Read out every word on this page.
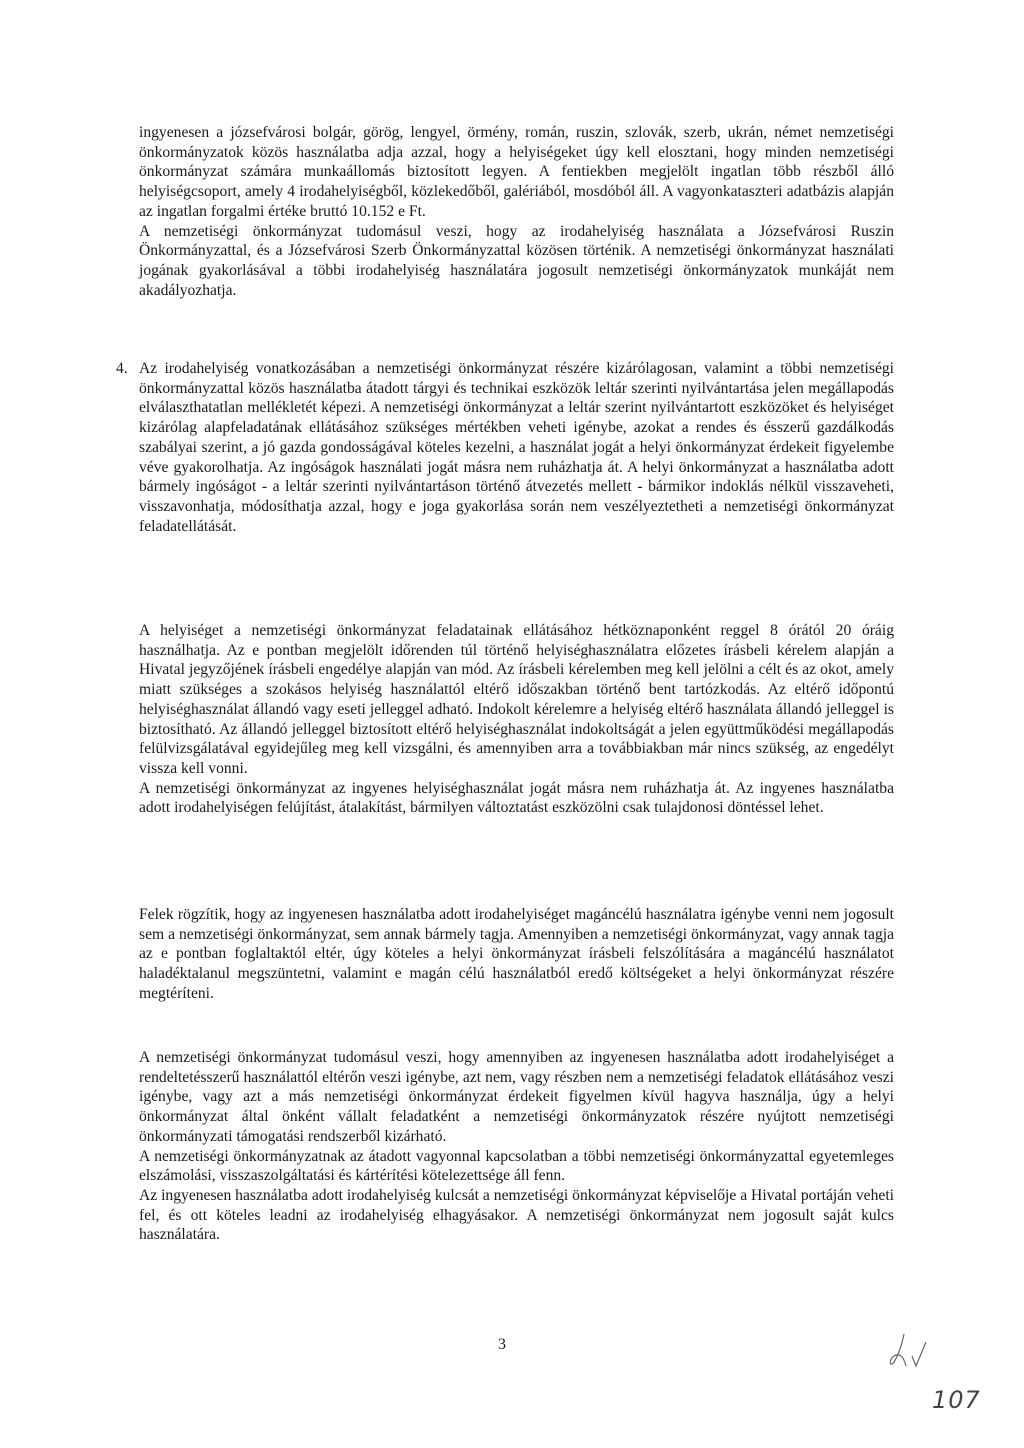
ingyenesen a józsefvárosi bolgár, görög, lengyel, örmény, román, ruszin, szlovák, szerb, ukrán, német nemzetiségi önkormányzatok közös használatba adja azzal, hogy a helyiségeket úgy kell elosztani, hogy minden nemzetiségi önkormányzat számára munkaállomás biztosított legyen. A fentiekben megjelölt ingatlan több részből álló helyiségcsoport, amely 4 irodahelyiségből, közlekedőből, galériából, mosdóból áll. A vagyonkataszteri adatbázis alapján az ingatlan forgalmi értéke bruttó 10.152 e Ft.

A nemzetiségi önkormányzat tudomásul veszi, hogy az irodahelyiség használata a Józsefvárosi Ruszin Önkormányzattal, és a Józsefvárosi Szerb Önkormányzattal közösen történik. A nemzetiségi önkormányzat használati jogának gyakorlásával a többi irodahelyiség használatára jogosult nemzetiségi önkormányzatok munkáját nem akadályozhatja.

4. Az irodahelyiség vonatkozásában a nemzetiségi önkormányzat részére kizárólagosan, valamint a többi nemzetiségi önkormányzattal közös használatba átadott tárgyi és technikai eszközök leltár szerinti nyilvántartása jelen megállapodás elválaszthatatlan mellékletét képezi. A nemzetiségi önkormányzat a leltár szerint nyilvántartott eszközöket és helyiséget kizárólag alapfeladatának ellátásához szükséges mértékben veheti igénybe, azokat a rendes és ésszerű gazdálkodás szabályai szerint, a jó gazda gondosságával köteles kezelni, a használat jogát a helyi önkormányzat érdekeit figyelembe véve gyakorolhatja. Az ingóságok használati jogát másra nem ruházhatja át. A helyi önkormányzat a használatba adott bármely ingóságot - a leltár szerinti nyilvántartáson történő átvezetés mellett - bármikor indoklás nélkül visszaveheti, visszavonhatja, módosíthatja azzal, hogy e joga gyakorlása során nem veszélyeztetheti a nemzetiségi önkormányzat feladatellátását.

A helyiséget a nemzetiségi önkormányzat feladatainak ellátásához hétköznaponként reggel 8 órától 20 óráig használhatja. Az e pontban megjelölt időrenden túl történő helyiséghasználatra előzetes írásbeli kérelem alapján a Hivatal jegyzőjének írásbeli engedélye alapján van mód. Az írásbeli kérelemben meg kell jelölni a célt és az okot, amely miatt szükséges a szokásos helyiség használattól eltérő időszakban történő bent tartózkodás. Az eltérő időpontú helyiséghasználat állandó vagy eseti jelleggel adható. Indokolt kérelemre a helyiség eltérő használata állandó jelleggel is biztosítható. Az állandó jelleggel biztosított eltérő helyiséghasználat indokoltságát a jelen együttműködési megállapodás felülvizsgálatával egyidejűleg meg kell vizsgálni, és amennyiben arra a továbbiakban már nincs szükség, az engedélyt vissza kell vonni.

A nemzetiségi önkormányzat az ingyenes helyiséghasználat jogát másra nem ruházhatja át. Az ingyenes használatba adott irodahelyiségen felújítást, átalakítást, bármilyen változtatást eszközölni csak tulajdonosi döntéssel lehet.

Felek rögzítik, hogy az ingyenesen használatba adott irodahelyiséget magáncélú használatra igénybe venni nem jogosult sem a nemzetiségi önkormányzat, sem annak bármely tagja. Amennyiben a nemzetiségi önkormányzat, vagy annak tagja az e pontban foglaltaktól eltér, úgy köteles a helyi önkormányzat írásbeli felszólítására a magáncélú használatot haladéktalanul megszüntetni, valamint e magán célú használatból eredő költségeket a helyi önkormányzat részére megtéríteni.

A nemzetiségi önkormányzat tudomásul veszi, hogy amennyiben az ingyenesen használatba adott irodahelyiséget a rendeltetésszerű használattól eltérőn veszi igénybe, azt nem, vagy részben nem a nemzetiségi feladatok ellátásához veszi igénybe, vagy azt a más nemzetiségi önkormányzat érdekeit figyelmen kívül hagyva használja, úgy a helyi önkormányzat által önként vállalt feladatként a nemzetiségi önkormányzatok részére nyújtott nemzetiségi önkormányzati támogatási rendszerből kizárható.

A nemzetiségi önkormányzatnak az átadott vagyonnal kapcsolatban a többi nemzetiségi önkormányzattal egyetemleges elszámolási, visszaszolgáltatási és kártérítési kötelezettsége áll fenn.

Az ingyenesen használatba adott irodahelyiség kulcsát a nemzetiségi önkormányzat képviselője a Hivatal portáján veheti fel, és ott köteles leadni az irodahelyiség elhagyásakor. A nemzetiségi önkormányzat nem jogosult saját kulcs használatára.

3
107
